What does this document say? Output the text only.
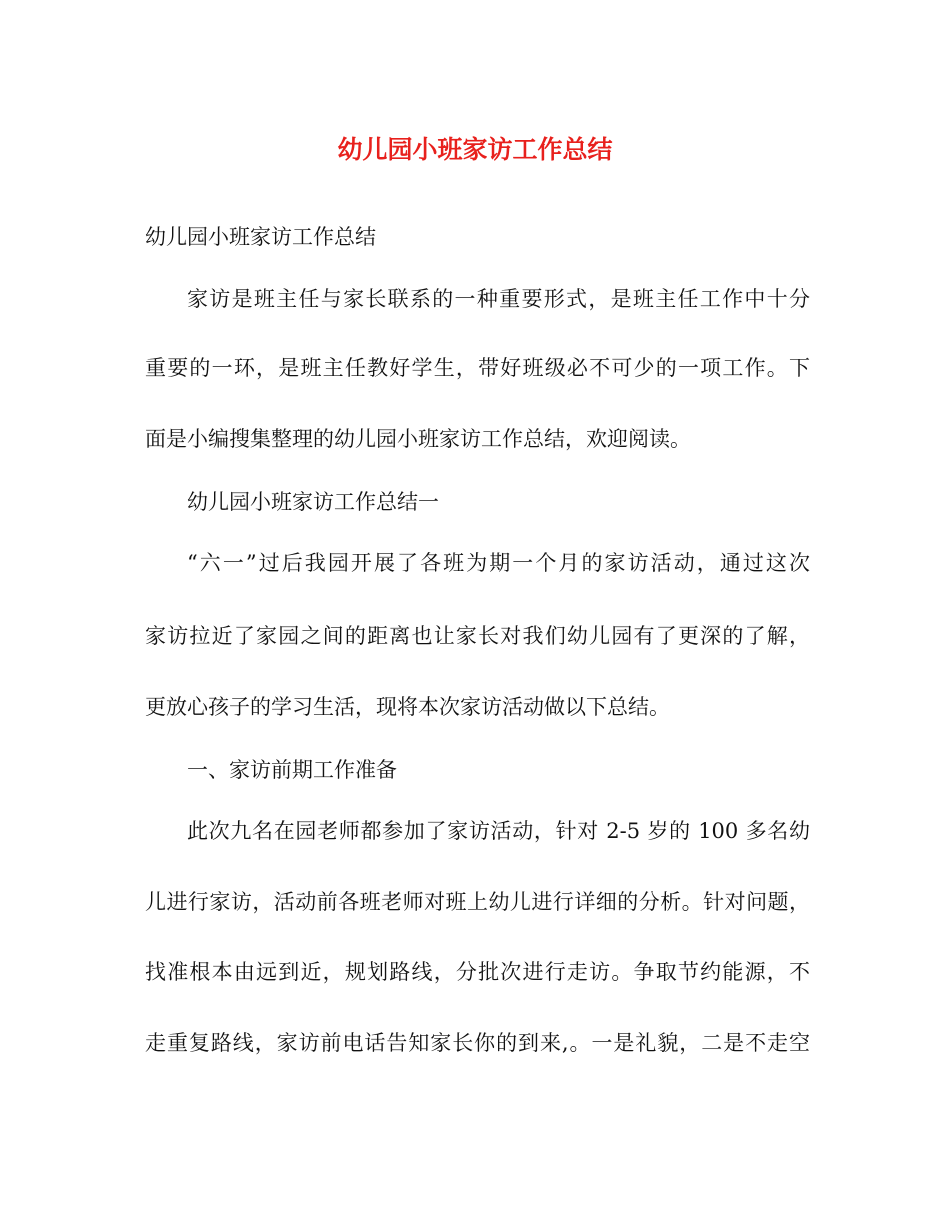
幼儿园小班家访工作总结

幼儿园小班家访工作总结

家访是班主任与家长联系的一种重要形式，是班主任工作中十分

重要的一环，是班主任教好学生，带好班级必不可少的一项工作。下

面是小编搜集整理的幼儿园小班家访工作总结，欢迎阅读。

幼儿园小班家访工作总结一

“六一”过后我园开展了各班为期一个月的家访活动，通过这次

家访拉近了家园之间的距离也让家长对我们幼儿园有了更深的了解，

更放心孩子的学习生活，现将本次家访活动做以下总结。

一、家访前期工作准备

此次九名在园老师都参加了家访活动，针对 2-5 岁的 100 多名幼

儿进行家访，活动前各班老师对班上幼儿进行详细的分析。针对问题，

找准根本由远到近，规划路线，分批次进行走访。争取节约能源，不

走重复路线，家访前电话告知家长你的到来,。一是礼貌，二是不走空
